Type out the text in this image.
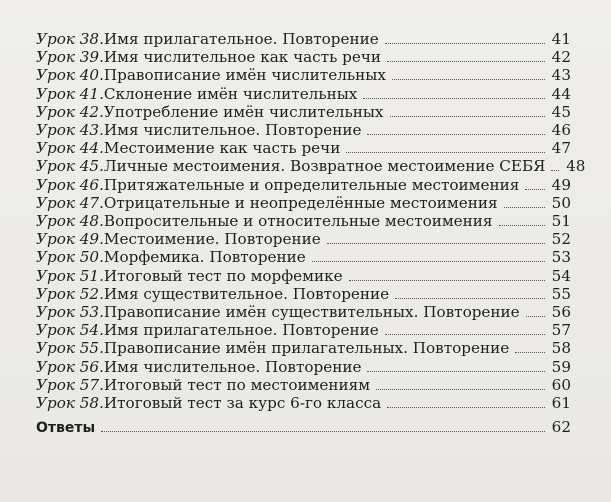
Урок 38. Имя прилагательное. Повторение	41
Урок 39. Имя числительное как часть речи	42
Урок 40. Правописание имён числительных	43
Урок 41. Склонение имён числительных	44
Урок 42. Употребление имён числительных	45
Урок 43. Имя числительное. Повторение	46
Урок 44. Местоимение как часть речи	47
Урок 45. Личные местоимения. Возвратное местоимение СЕБЯ 48
Урок 46. Притяжательные и определительные местоимения 49
Урок 47. Отрицательные и неопределённые местоимения	50
Урок 48. Вопросительные и относительные местоимения	51
Урок 49. Местоимение. Повторение	52
Урок 50. Морфемика. Повторение	53
Урок 51. Итоговый тест по морфемике	54
Урок 52. Имя существительное. Повторение	55
Урок 53. Правописание имён существительных. Повторение 56
Урок 54. Имя прилагательное. Повторение	57
Урок 55. Правописание имён прилагательных. Повторение	58
Урок 56. Имя числительное. Повторение	59
Урок 57. Итоговый тест по местоимениям	60
Урок 58. Итоговый тест за курс 6-го класса	61
Ответы	62
